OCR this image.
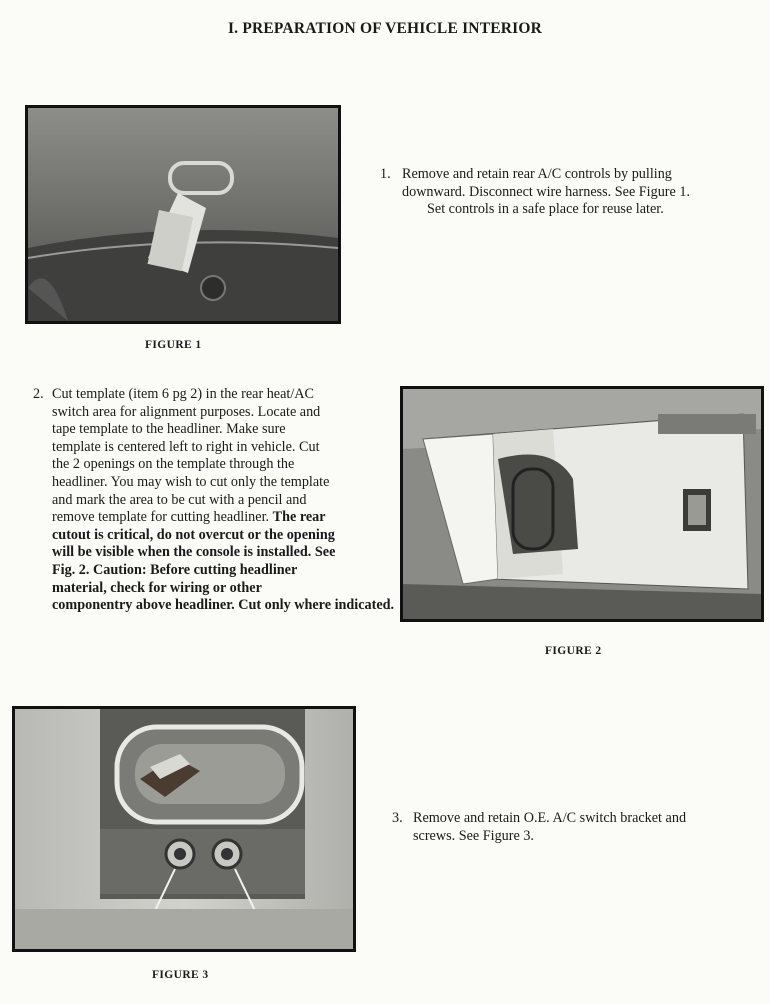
I. PREPARATION OF VEHICLE INTERIOR
FIGURE 1
1. Remove and retain rear A/C controls by pulling
downward. Disconnect wire harness. See Figure 1.
Set controls in a safe place for reuse later.
2. Cut template (item 6 pg 2) in the rear heat/AC
switch area for alignment purposes. Locate and
tape template to the headliner. Make sure
template is centered left to right in vehicle. Cut
the 2 openings on the template through the
headliner. You may wish to cut only the template
and mark the area to be cut with a pencil and
remove template for cutting headliner. The rear
cutout is critical, do not overcut or the opening
will be visible when the console is installed. See
Fig. 2. Caution: Before cutting headliner
material, check for wiring or other
componentry above headliner. Cut only where indicated.
FIGURE 2
FIGURE 3
3. Remove and retain O.E. A/C switch bracket and
screws. See Figure 3.
